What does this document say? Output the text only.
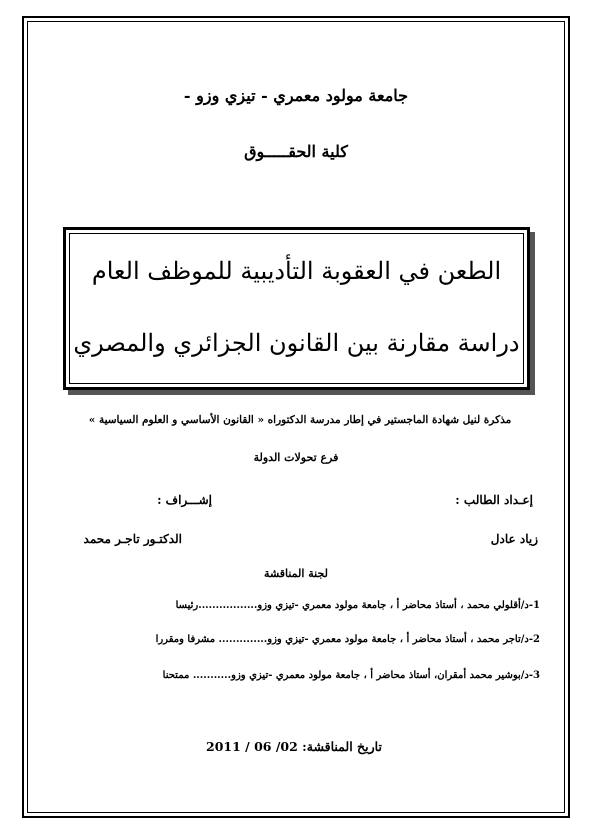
جامعة مولود معمري - تيزي وزو -
كلية الحقـــــوق
الطعن في العقوبة التأديبية للموظف العام
دراسة مقارنة بين القانون الجزائري والمصري
مذكرة لنيل شهادة الماجستير في إطار مدرسة الدكتوراه « القانون الأساسي و العلوم السياسية »
فرع تحولات الدولة
إعـداد الطالب :
إشـــراف :
زياد عادل
الدكتـور تاجـر محمد
لجنة المناقشة
1-د/أقلولي محمد ، أستاذ محاضر أ ، جامعة مولود معمري -تيزي وزو.................رئيسا
2-د/تاجر محمد ، أستاذ محاضر أ ، جامعة مولود معمري -تيزي وزو.............. مشرفا ومقررا
3-د/بوشير محمد أمقران، أستاذ محاضر أ ، جامعة مولود معمري -تيزي وزو........... ممتحنا
تاريخ المناقشة: 02/ 06 / 2011
